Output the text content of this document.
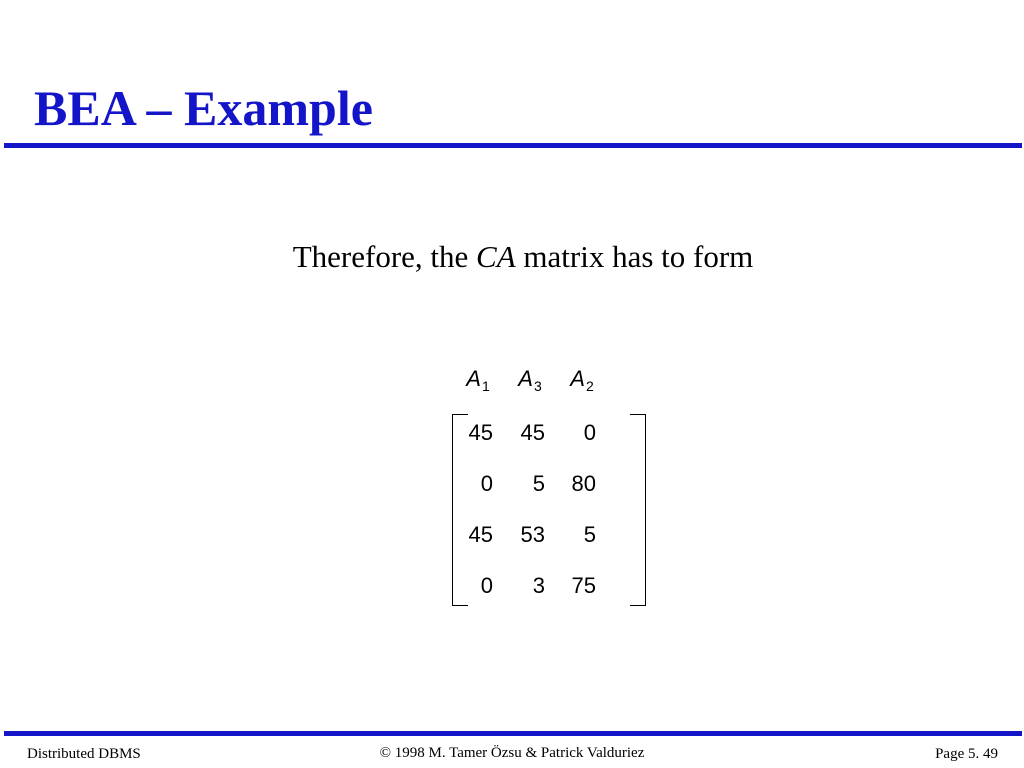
BEA – Example
Therefore, the CA matrix has to form
$A_1$	$A_3$	$A_2$
45	45	0
0	5	80
45	53	5
0	3	75
Distributed DBMS	© 1998 M. Tamer Özsu & Patrick Valduriez	Page 5. 49
